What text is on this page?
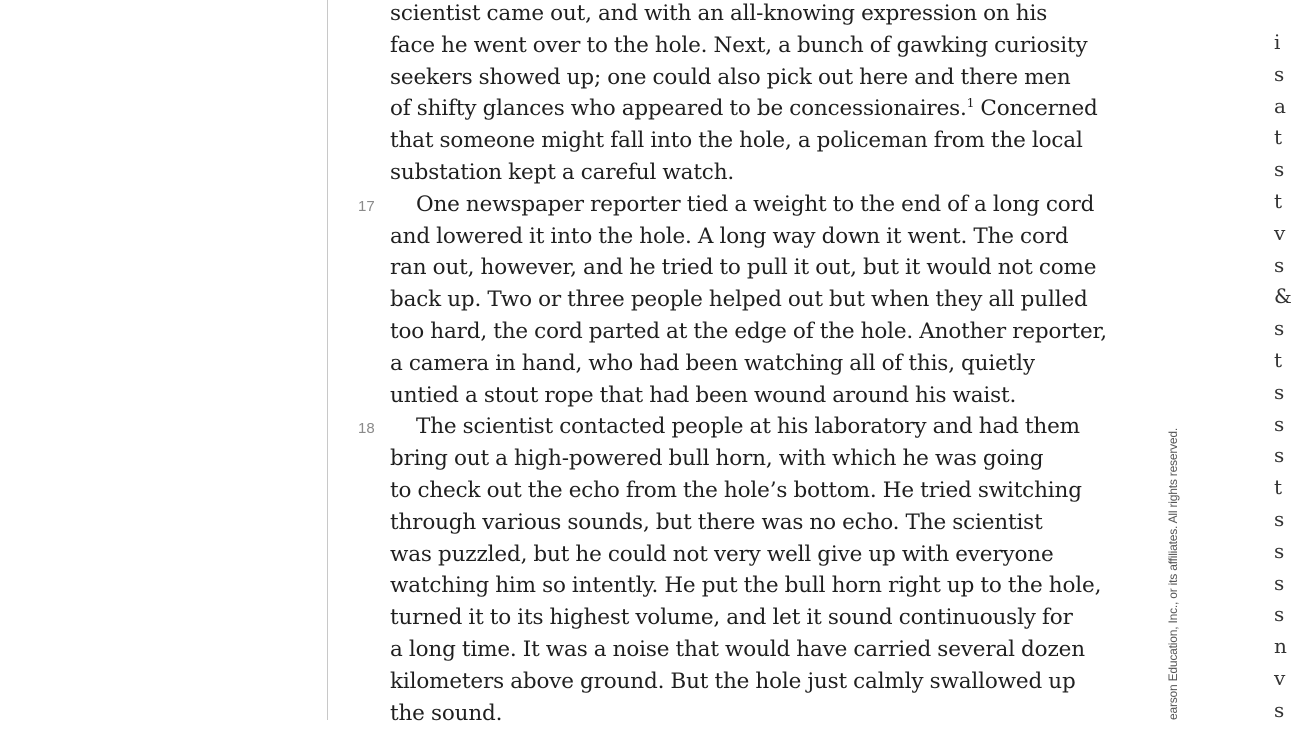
scientist came out, and with an all-knowing expression on his
face he went over to the hole. Next, a bunch of gawking curiosity
seekers showed up; one could also pick out here and there men
of shifty glances who appeared to be concessionaires.$^1$ Concerned
that someone might fall into the hole, a policeman from the local
substation kept a careful watch.
17 One newspaper reporter tied a weight to the end of a long cord
and lowered it into the hole. A long way down it went. The cord
ran out, however, and he tried to pull it out, but it would not come
back up. Two or three people helped out but when they all pulled
too hard, the cord parted at the edge of the hole. Another reporter,
a camera in hand, who had been watching all of this, quietly
untied a stout rope that had been wound around his waist.
18 The scientist contacted people at his laboratory and had them
bring out a high-powered bull horn, with which he was going
to check out the echo from the hole’s bottom. He tried switching
through various sounds, but there was no echo. The scientist
was puzzled, but he could not very well give up with everyone
watching him so intently. He put the bull horn right up to the hole,
turned it to its highest volume, and let it sound continuously for
a long time. It was a noise that would have carried several dozen
kilometers above ground. But the hole just calmly swallowed up
the sound.	earson Education, Inc., or its affiliates. All rights reserved.
i
s
a
t
s
t
v
s
&
s
t
s
s
s
t
s
s
s
s
n
v
s
